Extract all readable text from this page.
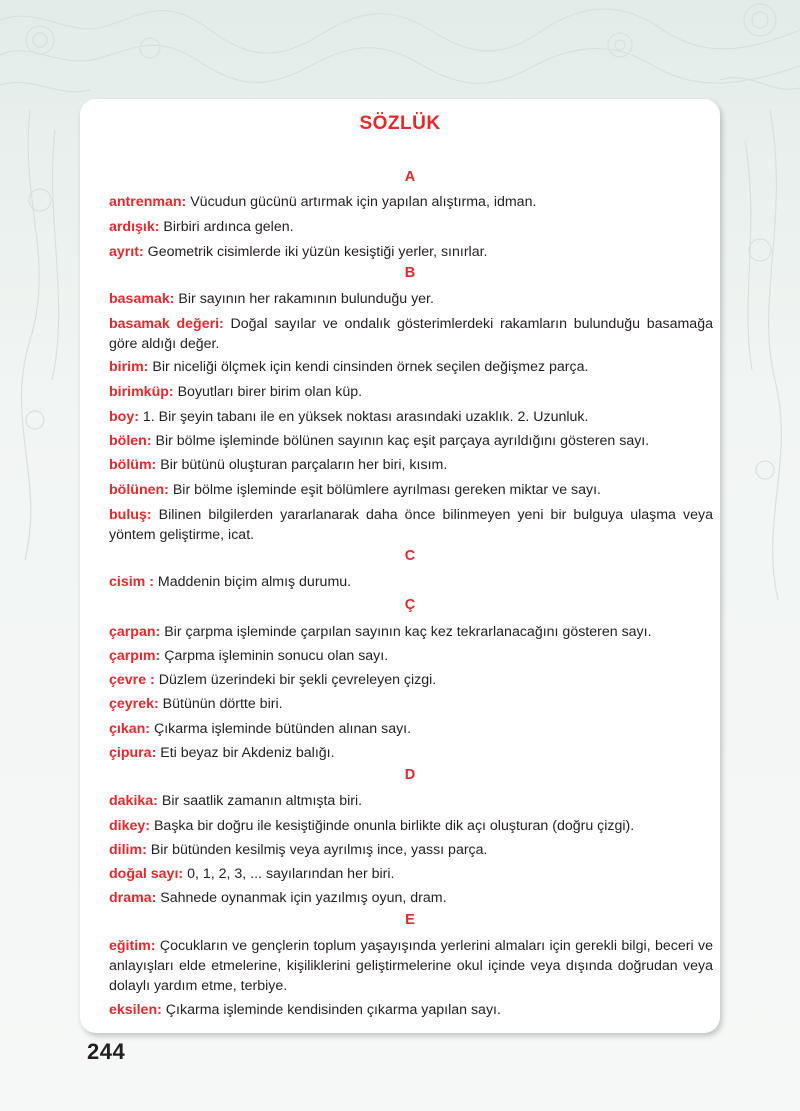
SÖZLÜK
A
antrenman: Vücudun gücünü artırmak için yapılan alıştırma, idman.
ardışık: Birbiri ardınca gelen.
ayrıt: Geometrik cisimlerde iki yüzün kesiştiği yerler, sınırlar.
B
basamak: Bir sayının her rakamının bulunduğu yer.
basamak değeri: Doğal sayılar ve ondalık gösterimlerdeki rakamların bulunduğu basamağa göre aldığı değer.
birim: Bir niceliği ölçmek için kendi cinsinden örnek seçilen değişmez parça.
birimküp: Boyutları birer birim olan küp.
boy: 1. Bir şeyin tabanı ile en yüksek noktası arasındaki uzaklık. 2. Uzunluk.
bölen: Bir bölme işleminde bölünen sayının kaç eşit parçaya ayrıldığını gösteren sayı.
bölüm: Bir bütünü oluşturan parçaların her biri, kısım.
bölünen: Bir bölme işleminde eşit bölümlere ayrılması gereken miktar ve sayı.
buluş: Bilinen bilgilerden yararlanarak daha önce bilinmeyen yeni bir bulguya ulaşma veya yöntem geliştirme, icat.
C
cisim : Maddenin biçim almış durumu.
Ç
çarpan: Bir çarpma işleminde çarpılan sayının kaç kez tekrarlanacağını gösteren sayı.
çarpım: Çarpma işleminin sonucu olan sayı.
çevre : Düzlem üzerindeki bir şekli çevreleyen çizgi.
çeyrek: Bütünün dörtte biri.
çıkan: Çıkarma işleminde bütünden alınan sayı.
çipura: Eti beyaz bir Akdeniz balığı.
D
dakika: Bir saatlik zamanın altmışta biri.
dikey: Başka bir doğru ile kesiştiğinde onunla birlikte dik açı oluşturan (doğru çizgi).
dilim: Bir bütünden kesilmiş veya ayrılmış ince, yassı parça.
doğal sayı: 0, 1, 2, 3, ... sayılarından her biri.
drama: Sahnede oynanmak için yazılmış oyun, dram.
E
eğitim: Çocukların ve gençlerin toplum yaşayışında yerlerini almaları için gerekli bilgi, beceri ve anlayışları elde etmelerine, kişiliklerini geliştirmelerine okul içinde veya dışında doğrudan veya dolaylı yardım etme, terbiye.
eksilen: Çıkarma işleminde kendisinden çıkarma yapılan sayı.
244
